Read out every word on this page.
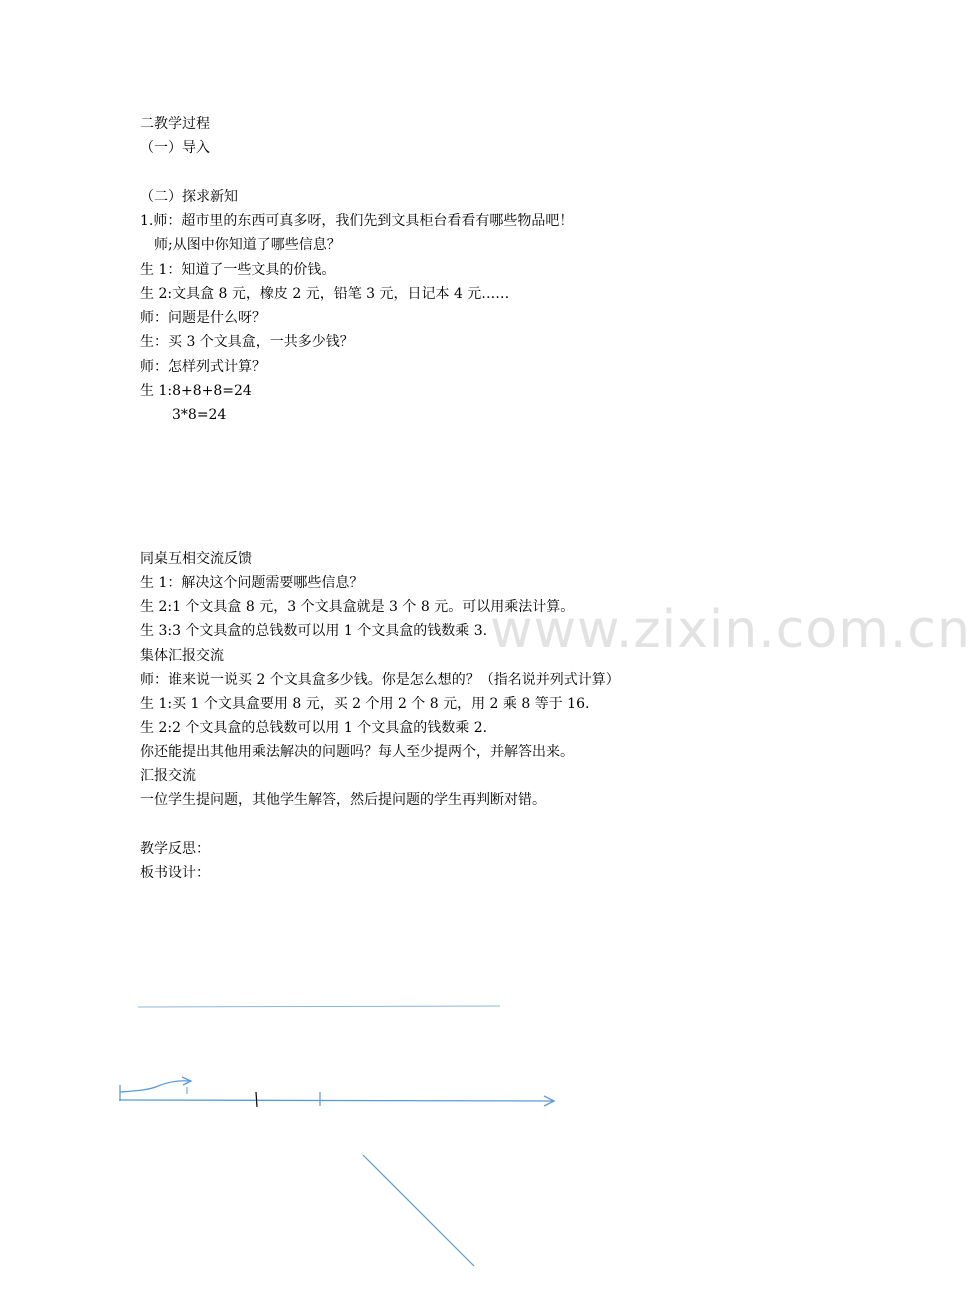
二教学过程
（一）导入
（二）探求新知
1.师：超市里的东西可真多呀，我们先到文具柜台看看有哪些物品吧！
师;从图中你知道了哪些信息？
生 1：知道了一些文具的价钱。
生 2:文具盒 8 元，橡皮 2 元，铅笔 3 元，日记本 4 元……
师：问题是什么呀？
生：买 3 个文具盒，一共多少钱？
师：怎样列式计算？
生 1:8+8+8=24
3*8=24
同桌互相交流反馈
生 1：解决这个问题需要哪些信息？
生 2:1 个文具盒 8 元，3 个文具盒就是 3 个 8 元。可以用乘法计算。
生 3:3 个文具盒的总钱数可以用 1 个文具盒的钱数乘 3.
集体汇报交流
师：谁来说一说买 2 个文具盒多少钱。你是怎么想的？（指名说并列式计算）
生 1:买 1 个文具盒要用 8 元，买 2 个用 2 个 8 元，用 2 乘 8 等于 16.
生 2:2 个文具盒的总钱数可以用 1 个文具盒的钱数乘 2.
你还能提出其他用乘法解决的问题吗？每人至少提两个，并解答出来。
汇报交流
一位学生提问题，其他学生解答，然后提问题的学生再判断对错。
教学反思：
板书设计：
www.zixin.com.cn
